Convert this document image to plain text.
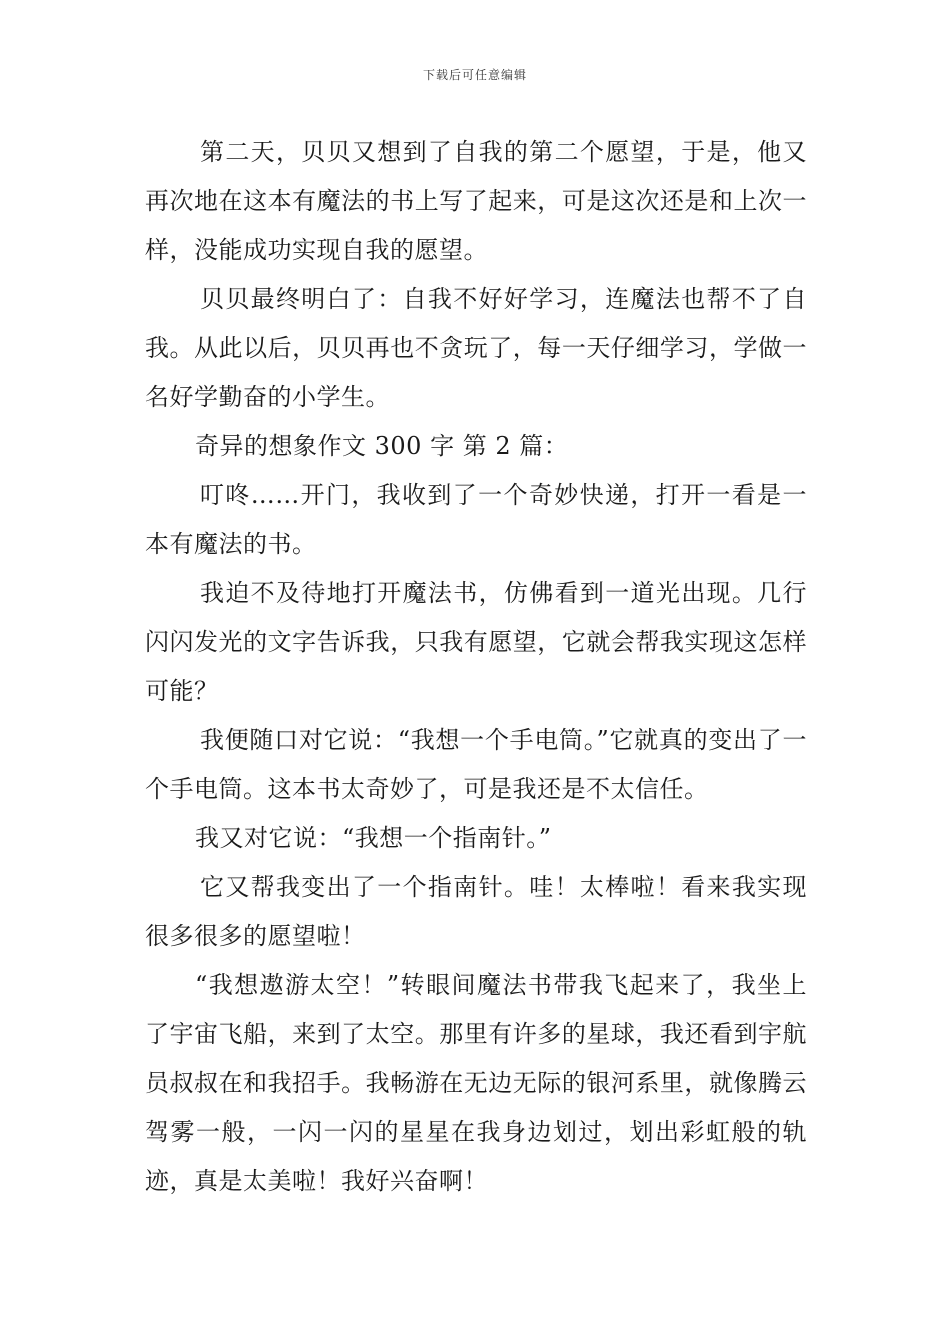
下载后可任意编辑

第二天，贝贝又想到了自我的第二个愿望，于是，他又再次地在这本有魔法的书上写了起来，可是这次还是和上次一样，没能成功实现自我的愿望。

贝贝最终明白了：自我不好好学习，连魔法也帮不了自我。从此以后，贝贝再也不贪玩了，每一天仔细学习，学做一名好学勤奋的小学生。

奇异的想象作文 300 字 第 2 篇：

叮咚……开门，我收到了一个奇妙快递，打开一看是一本有魔法的书。

我迫不及待地打开魔法书，仿佛看到一道光出现。几行闪闪发光的文字告诉我，只我有愿望，它就会帮我实现这怎样可能？

我便随口对它说：“我想一个手电筒。”它就真的变出了一个手电筒。这本书太奇妙了，可是我还是不太信任。

我又对它说：“我想一个指南针。”

它又帮我变出了一个指南针。哇！太棒啦！看来我实现很多很多的愿望啦！

“我想遨游太空！”转眼间魔法书带我飞起来了，我坐上了宇宙飞船，来到了太空。那里有许多的星球，我还看到宇航员叔叔在和我招手。我畅游在无边无际的银河系里，就像腾云驾雾一般，一闪一闪的星星在我身边划过，划出彩虹般的轨迹，真是太美啦！我好兴奋啊！
